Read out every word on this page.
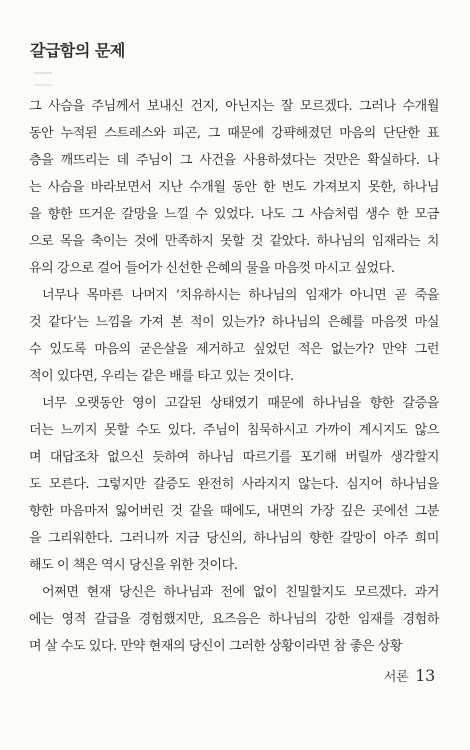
갈급함의 문제
그 사슴을 주님께서 보내신 건지, 아닌지는 잘 모르겠다. 그러나 수개월
동안 누적된 스트레스와 피곤, 그 때문에 강퍅해졌던 마음의 단단한 표
층을 깨뜨리는 데 주님이 그 사건을 사용하셨다는 것만은 확실하다. 나
는 사슴을 바라보면서 지난 수개월 동안 한 번도 가져보지 못한, 하나님
을 향한 뜨거운 갈망을 느낄 수 있었다. 나도 그 사슴처럼 생수 한 모금
으로 목을 축이는 것에 만족하지 못할 것 같았다. 하나님의 임재라는 치
유의 강으로 걸어 들어가 신선한 은혜의 물을 마음껏 마시고 싶었다.
너무나 목마른 나머지 ‘치유하시는 하나님의 임재가 아니면 곧 죽을
것 같다’는 느낌을 가져 본 적이 있는가? 하나님의 은혜를 마음껏 마실
수 있도록 마음의 굳은살을 제거하고 싶었던 적은 없는가? 만약 그런
적이 있다면, 우리는 같은 배를 타고 있는 것이다.
너무 오랫동안 영이 고갈된 상태였기 때문에 하나님을 향한 갈증을
더는 느끼지 못할 수도 있다. 주님이 침묵하시고 가까이 계시지도 않으
며 대답조차 없으신 듯하여 하나님 따르기를 포기해 버릴까 생각할지
도 모른다. 그렇지만 갈증도 완전히 사라지지 않는다. 심지어 하나님을
향한 마음마저 잃어버린 것 같을 때에도, 내면의 가장 깊은 곳에선 그분
을 그리워한다. 그러니까 지금 당신의, 하나님의 향한 갈망이 아주 희미
해도 이 책은 역시 당신을 위한 것이다.
어쩌면 현재 당신은 하나님과 전에 없이 친밀할지도 모르겠다. 과거
에는 영적 갈급을 경험했지만, 요즈음은 하나님의 강한 임재를 경험하
며 살 수도 있다. 만약 현재의 당신이 그러한 상황이라면 참 좋은 상황
서론 13
